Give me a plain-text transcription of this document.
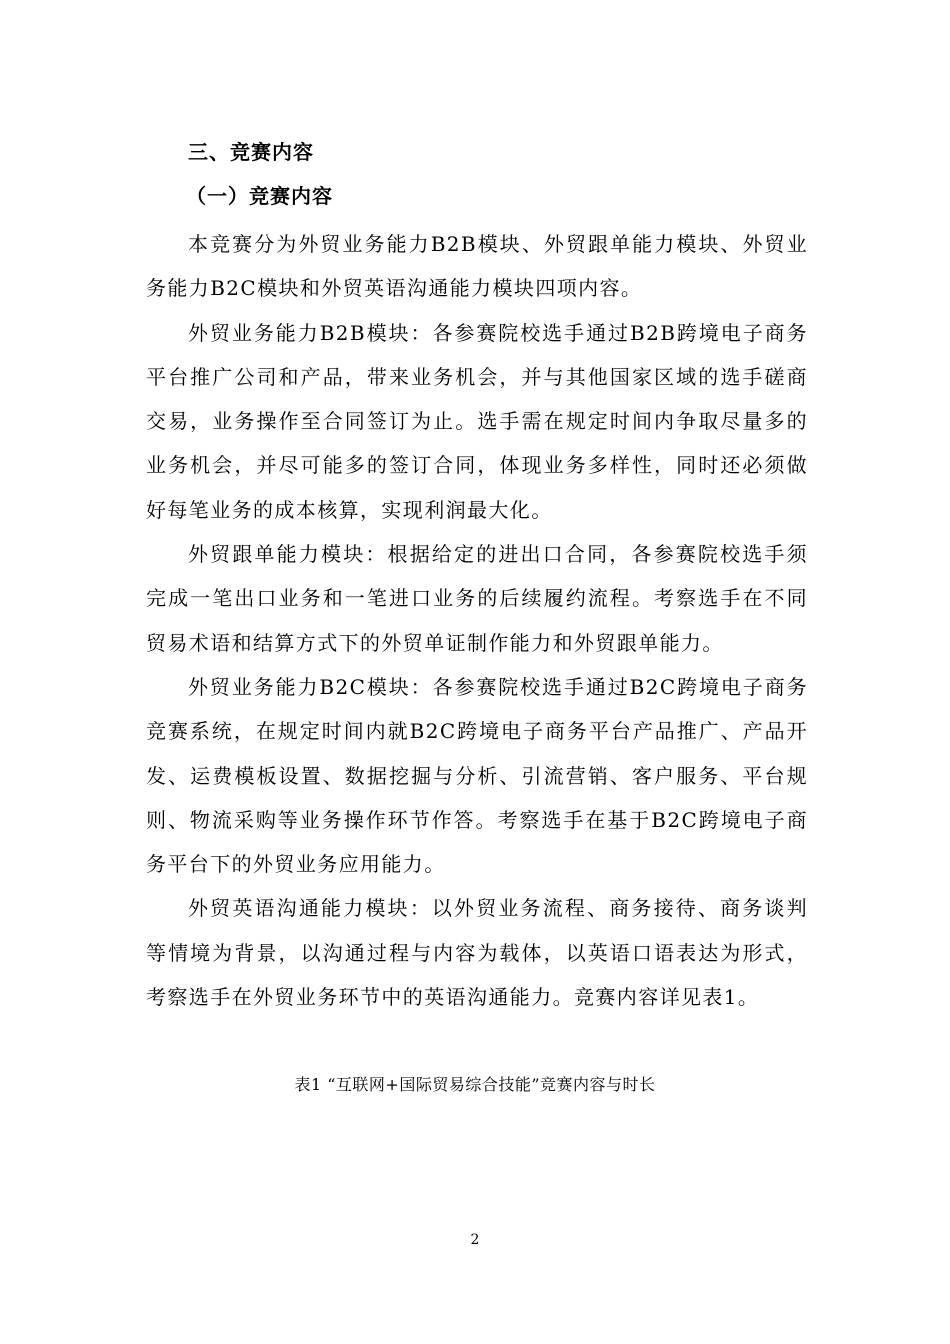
三、竞赛内容
（一）竞赛内容

本竞赛分为外贸业务能力B2B模块、外贸跟单能力模块、外贸业务能力B2C模块和外贸英语沟通能力模块四项内容。

外贸业务能力B2B模块：各参赛院校选手通过B2B跨境电子商务平台推广公司和产品，带来业务机会，并与其他国家区域的选手磋商交易，业务操作至合同签订为止。选手需在规定时间内争取尽量多的业务机会，并尽可能多的签订合同，体现业务多样性，同时还必须做好每笔业务的成本核算，实现利润最大化。

外贸跟单能力模块：根据给定的进出口合同，各参赛院校选手须完成一笔出口业务和一笔进口业务的后续履约流程。考察选手在不同贸易术语和结算方式下的外贸单证制作能力和外贸跟单能力。

外贸业务能力B2C模块：各参赛院校选手通过B2C跨境电子商务竞赛系统，在规定时间内就B2C跨境电子商务平台产品推广、产品开发、运费模板设置、数据挖掘与分析、引流营销、客户服务、平台规则、物流采购等业务操作环节作答。考察选手在基于B2C跨境电子商务平台下的外贸业务应用能力。

外贸英语沟通能力模块：以外贸业务流程、商务接待、商务谈判等情境为背景，以沟通过程与内容为载体，以英语口语表达为形式，考察选手在外贸业务环节中的英语沟通能力。竞赛内容详见表1。

表1 “互联网+国际贸易综合技能”竞赛内容与时长
2
